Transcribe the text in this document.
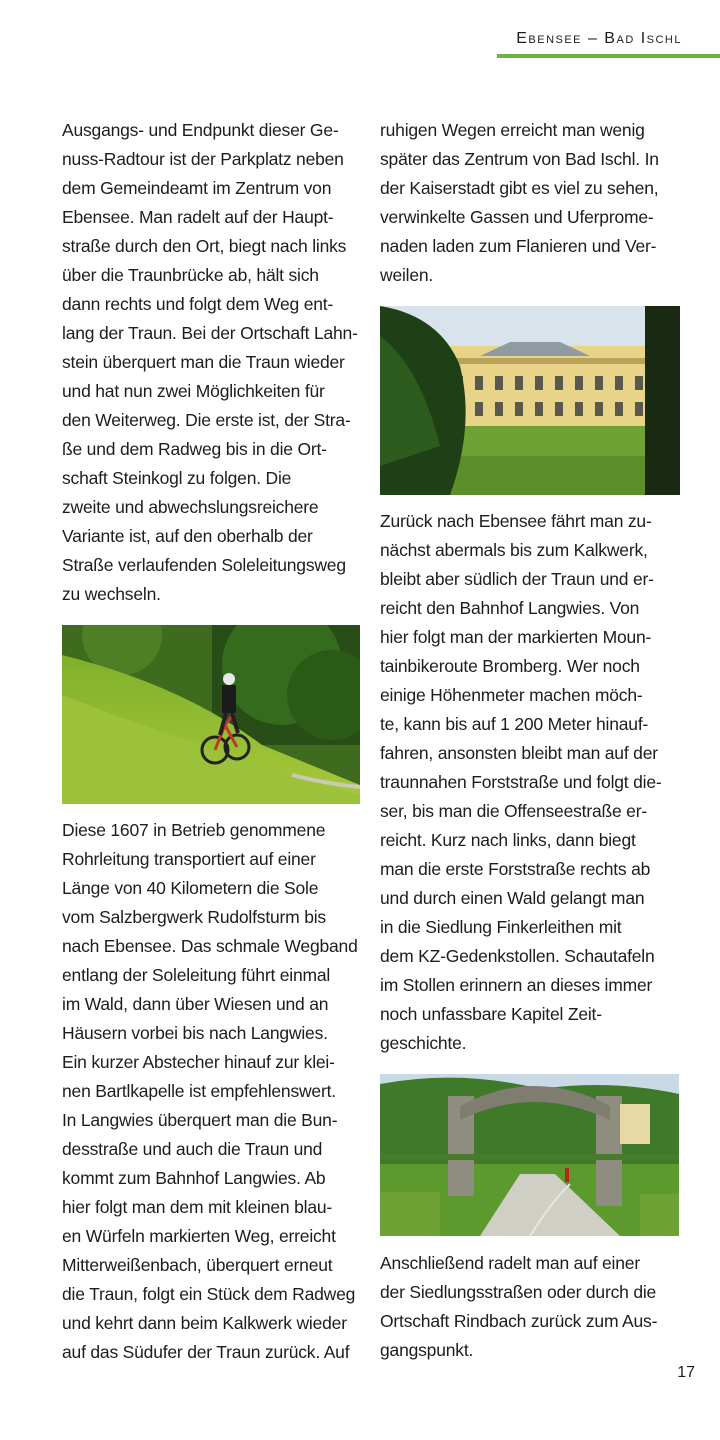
Ebensee – Bad Ischl

Ausgangs- und Endpunkt dieser Ge-
nuss-Radtour ist der Parkplatz neben
dem Gemeindeamt im Zentrum von
Ebensee. Man radelt auf der Haupt-
straße durch den Ort, biegt nach links
über die Traunbrücke ab, hält sich
dann rechts und folgt dem Weg ent-
lang der Traun. Bei der Ortschaft Lahn-
stein überquert man die Traun wieder
und hat nun zwei Möglichkeiten für
den Weiterweg. Die erste ist, der Stra-
ße und dem Radweg bis in die Ort-
schaft Steinkogl zu folgen. Die
zweite und abwechslungsreichere
Variante ist, auf den oberhalb der
Straße verlaufenden Soleleitungsweg
zu wechseln.

Diese 1607 in Betrieb genommene
Rohrleitung transportiert auf einer
Länge von 40 Kilometern die Sole
vom Salzbergwerk Rudolfsturm bis
nach Ebensee. Das schmale Wegband
entlang der Soleleitung führt einmal
im Wald, dann über Wiesen und an
Häusern vorbei bis nach Langwies.
Ein kurzer Abstecher hinauf zur klei-
nen Bartlkapelle ist empfehlenswert.
In Langwies überquert man die Bun-
desstraße und auch die Traun und
kommt zum Bahnhof Langwies. Ab
hier folgt man dem mit kleinen blau-
en Würfeln markierten Weg, erreicht
Mitterweißenbach, überquert erneut
die Traun, folgt ein Stück dem Radweg
und kehrt dann beim Kalkwerk wieder
auf das Südufer der Traun zurück. Auf

ruhigen Wegen erreicht man wenig
später das Zentrum von Bad Ischl. In
der Kaiserstadt gibt es viel zu sehen,
verwinkelte Gassen und Uferprome-
naden laden zum Flanieren und Ver-
weilen.

Zurück nach Ebensee fährt man zu-
nächst abermals bis zum Kalkwerk,
bleibt aber südlich der Traun und er-
reicht den Bahnhof Langwies. Von
hier folgt man der markierten Moun-
tainbikeroute Bromberg. Wer noch
einige Höhenmeter machen möch-
te, kann bis auf 1 200 Meter hinauf-
fahren, ansonsten bleibt man auf der
traunnahen Forststraße und folgt die-
ser, bis man die Offenseestraße er-
reicht. Kurz nach links, dann biegt
man die erste Forststraße rechts ab
und durch einen Wald gelangt man
in die Siedlung Finkerleithen mit
dem KZ-Gedenkstollen. Schautafeln
im Stollen erinnern an dieses immer
noch unfassbare Kapitel Zeit-
geschichte.

Anschließend radelt man auf einer
der Siedlungsstraßen oder durch die
Ortschaft Rindbach zurück zum Aus-
gangspunkt.

17
